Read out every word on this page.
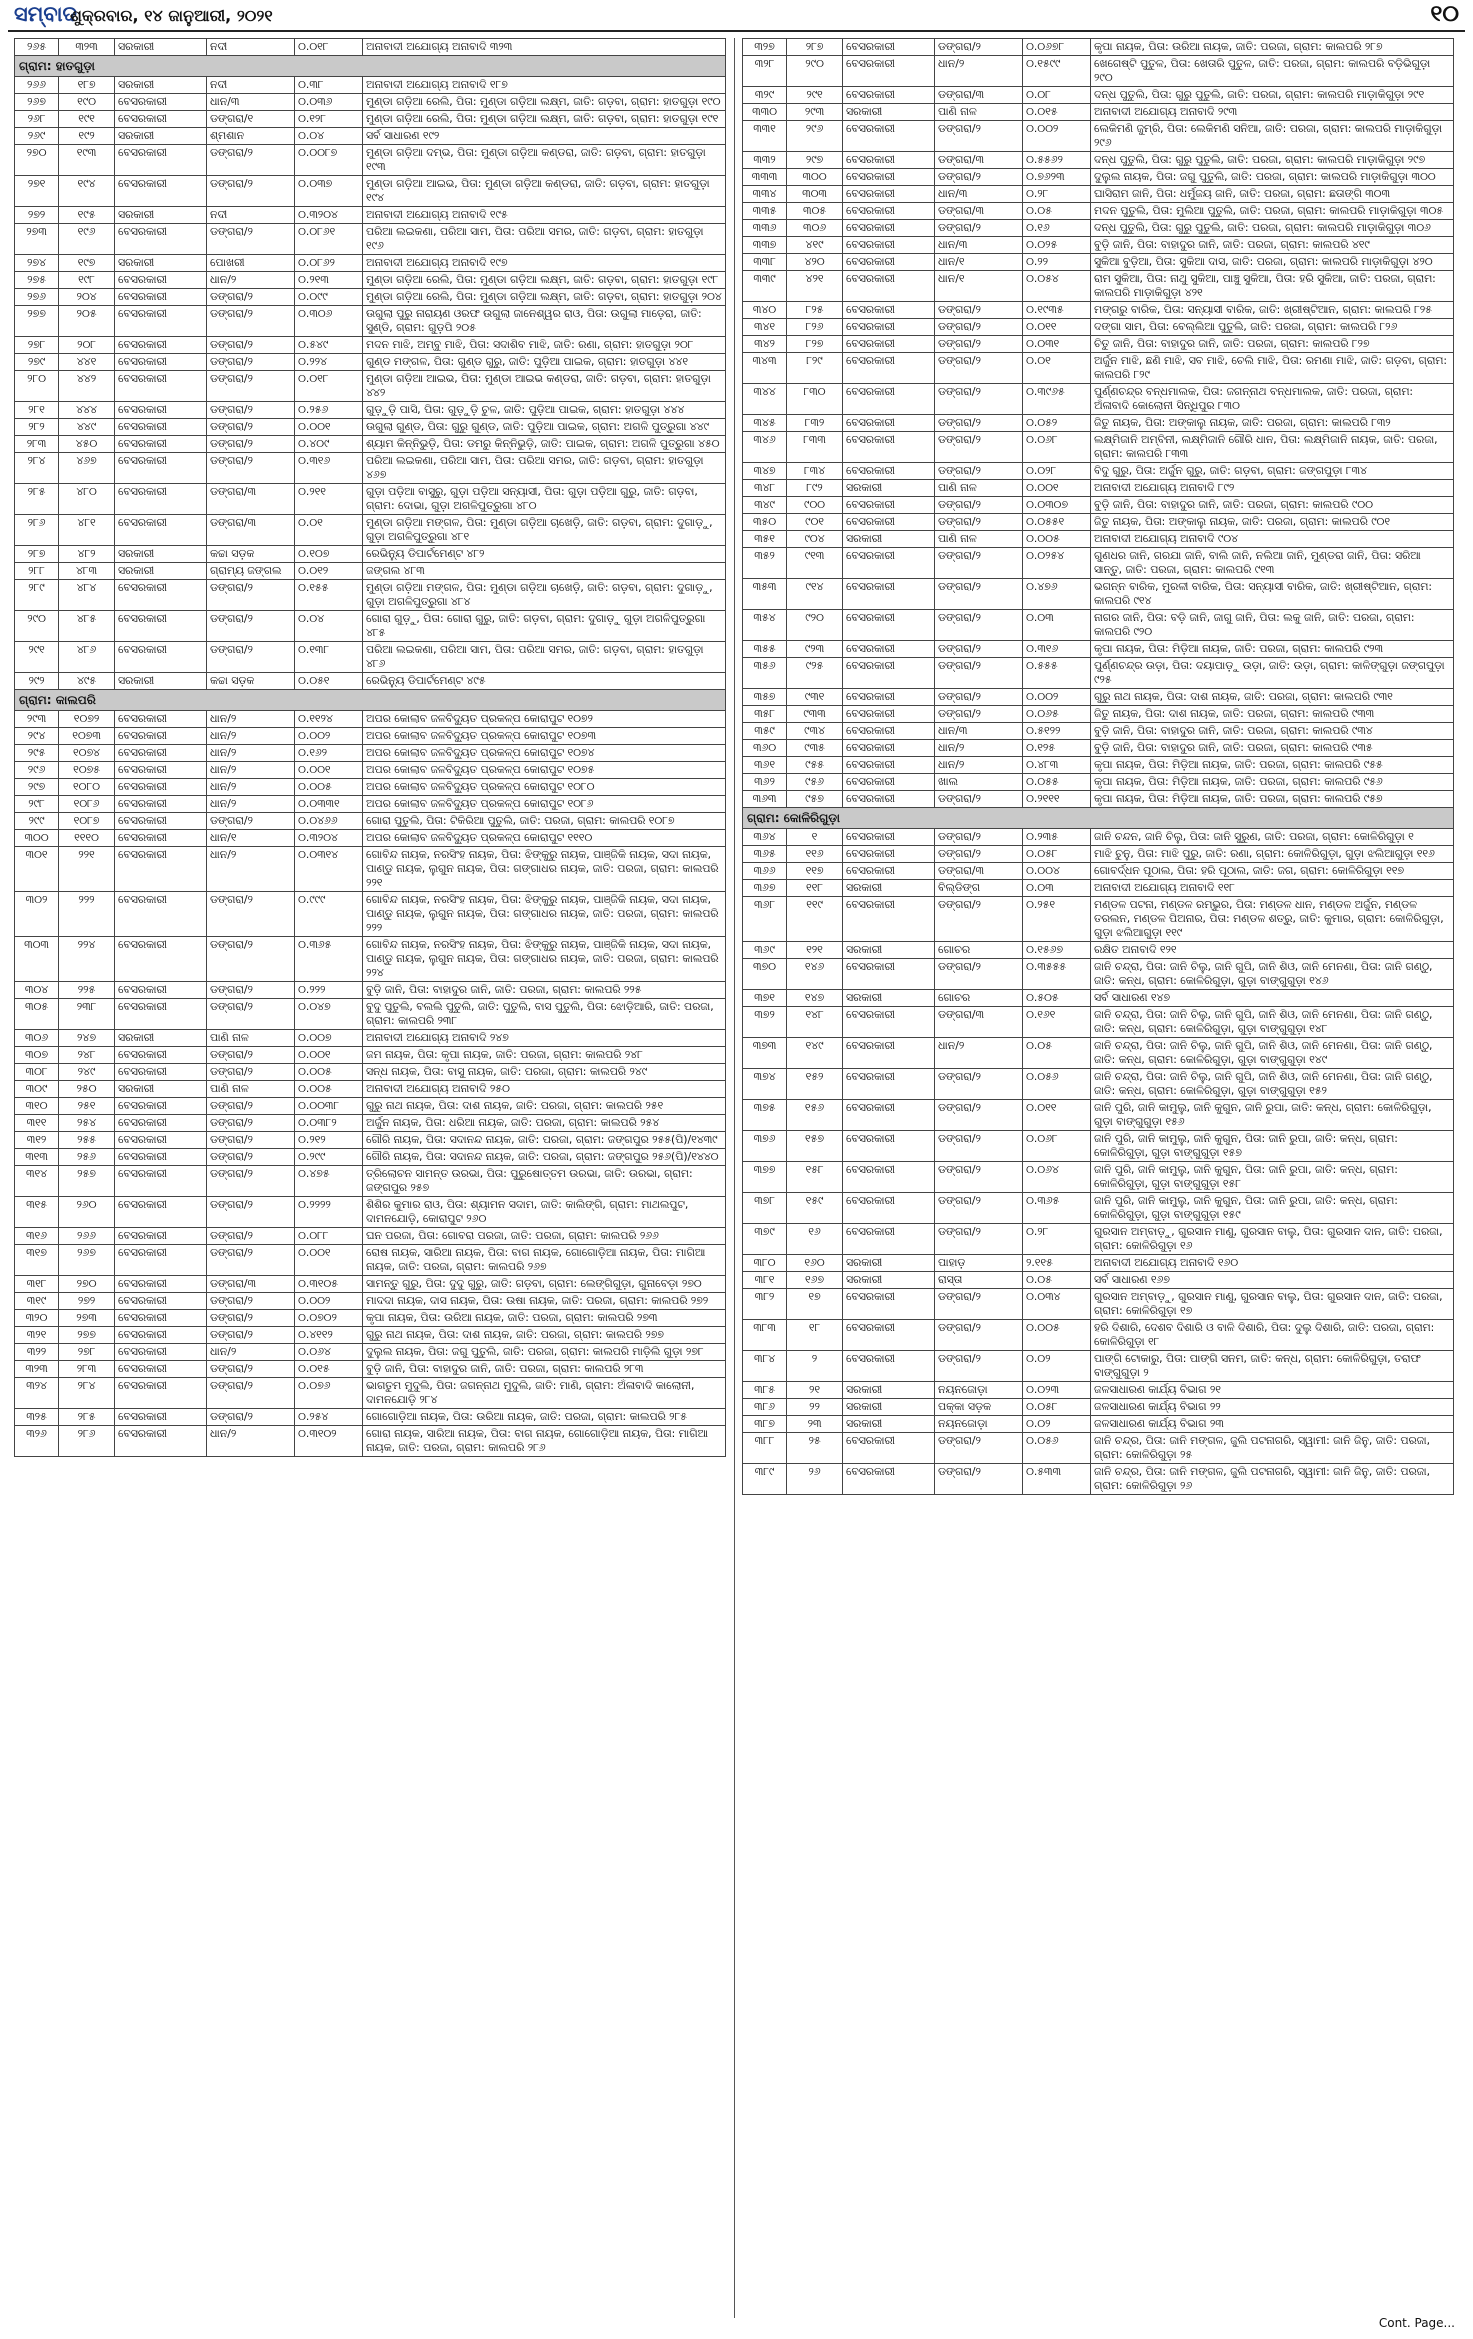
ସମ୍ବାଦ
ଶୁକ୍ରବାର, ୧୪ ଜାନୁଆରୀ, ୨୦୨୧	୧୦
୨୬୫	୩୨୩	ସରକାରୀ	ନଦୀ	୦.୦୧୮	ଅନାବାଦୀ ଅଯୋଗ୍ୟ ଅନାବାଦି ୩୨୩
ଗ୍ରାମ: ହାତଗୁଡ଼ା					
୨୬୬	୧୮୭	ସରକାରୀ	ନଦୀ	୦.୩୮	ଅନାବାଦୀ ଅଯୋଗ୍ୟ ଅନାବାଦି ୧୮୭
୨୬୭	୧୯୦	ବେସରକାରୀ	ଧାନ/୩	୦.୦୩୬	ମୁଣ୍ଡା ଗଡ଼ିଆ ରେଲି, ପିତା: ମୁଣ୍ଡା ଗଡ଼ିଆ ଲକ୍ଷ୍ମ, ଜାତି: ଗଡ଼ବା, ଗ୍ରାମ: ହାତଗୁଡ଼ା ୧୯୦
୨୬୮	୧୯୧	ବେସରକାରୀ	ଡଙ୍ଗରା/୧	୦.୧୨୮	ମୁଣ୍ଡା ଗଡ଼ିଆ ରେଲି, ପିତା: ମୁଣ୍ଡା ଗଡ଼ିଆ ଲକ୍ଷ୍ମ, ଜାତି: ଗଡ଼ବା, ଗ୍ରାମ: ହାତଗୁଡ଼ା ୧୯୧
୨୬୯	୧୯୨	ସରକାରୀ	ଶ୍ମଶାନ	୦.୦୪	ସର୍ବ ସାଧାରଣ ୧୯୨
୨୭୦	୧୯୩	ବେସରକାରୀ	ଡଙ୍ଗରା/୨	୦.୦୦୮୭	ମୁଣ୍ଡା ଗଡ଼ିଆ ଦମ୍ଭ, ପିତା: ମୁଣ୍ଡା ଗଡ଼ିଆ କଣ୍ଡରା, ଜାତି: ଗଡ଼ବା, ଗ୍ରାମ: ହାତଗୁଡ଼ା ୧୯୩
୨୭୧	୧୯୪	ବେସରକାରୀ	ଡଙ୍ଗରା/୨	୦.୦୩୭	ମୁଣ୍ଡା ଗଡ଼ିଆ ଆଇଭ, ପିତା: ମୁଣ୍ଡା ଗଡ଼ିଆ କଣ୍ଡରା, ଜାତି: ଗଡ଼ବା, ଗ୍ରାମ: ହାତଗୁଡ଼ା ୧୯୪
୨୭୨	୧୯୫	ସରକାରୀ	ନଦୀ	୦.୩୨୦୪	ଅନାବାଦୀ ଅଯୋଗ୍ୟ ଅନାବାଦି ୧୯୫
୨୭୩	୧୯୬	ବେସରକାରୀ	ଡଙ୍ଗରା/୨	୦.୦୮୬୧	ପରିଆ ଲଇକଣା, ପରିଆ ସାମ, ପିତା: ପରିଆ ସମର, ଜାତି: ଗଡ଼ବା, ଗ୍ରାମ: ହାତଗୁଡ଼ା ୧୯୬
୨୭୪	୧୯୭	ସରକାରୀ	ପୋଖରୀ	୦.୦୮୬୨	ଅନାବାଦୀ ଅଯୋଗ୍ୟ ଅନାବାଦି ୧୯୭
୨୭୫	୧୯୮	ବେସରକାରୀ	ଧାନ/୨	୦.୨୧୩	ମୁଣ୍ଡା ଗଡ଼ିଆ ରେଲି, ପିତା: ମୁଣ୍ଡା ଗଡ଼ିଆ ଲକ୍ଷ୍ମ, ଜାତି: ଗଡ଼ବା, ଗ୍ରାମ: ହାତଗୁଡ଼ା ୧୯୮
୨୭୬	୨୦୪	ବେସରକାରୀ	ଡଙ୍ଗରା/୨	୦.୦୯୯	ମୁଣ୍ଡା ଗଡ଼ିଆ ରେଲି, ପିତା: ମୁଣ୍ଡା ଗଡ଼ିଆ ଲକ୍ଷ୍ମ, ଜାତି: ଗଡ଼ବା, ଗ୍ରାମ: ହାତଗୁଡ଼ା ୨୦୪
୨୭୭	୨୦୫	ବେସରକାରୀ	ଡଙ୍ଗରା/୨	୦.୩୦୬	ଉଗୁଲା ପୁରୁ ନାରାୟଣ ଓରଫ ଉଗୁଲା ଜାନେଶ୍ୱର ରାଓ, ପିତା: ଉଗୁଲା ମାଡ଼େରା, ଜାତି: ସୁଣ୍ଡି, ଗ୍ରାମ: ଗୁଡ଼ପି ୨୦୫
୨୭୮	୨୦୮	ବେସରକାରୀ	ଡଙ୍ଗରା/୨	୦.୫୪୯	ମଦନ ମାଝି, ଅମ୍ବୁ ମାଝି, ପିତା: ସଦାଶିବ ମାଝି, ଜାତି: ରଣା, ଗ୍ରାମ: ହାତଗୁଡ଼ା ୨୦୮
୨୭୯	୪୪୧	ବେସରକାରୀ	ଡଙ୍ଗରା/୨	୦.୨୨୪	ଗୁଣ୍ଡ ମଙ୍ଗଳ, ପିତା: ଗୁଣ୍ଡ ଗୁରୁ, ଜାତି: ପୁଡ଼ିଆ ପାଇକ, ଗ୍ରାମ: ହାତଗୁଡ଼ା ୪୪୧
୨୮୦	୪୪୨	ବେସରକାରୀ	ଡଙ୍ଗରା/୨	୦.୦୧୮	ମୁଣ୍ଡା ଗଡ଼ିଆ ଆଇଭ, ପିତା: ମୁଣ୍ଡା ଆଇଭ କଣ୍ଡରା, ଜାତି: ଗଡ଼ବା, ଗ୍ରାମ: ହାତଗୁଡ଼ା ୪୪୨
୨୮୧	୪୪୪	ବେସରକାରୀ	ଡଙ୍ଗରା/୨	୦.୨୫୬	ଗୁଡ଼ୁଡ଼ି ପାସି, ପିତା: ଗୁଡ଼ୁଡ଼ି ଚୁଳ, ଜାତି: ପୁଡ଼ିଆ ପାଇକ, ଗ୍ରାମ: ହାତଗୁଡ଼ା ୪୪୪
୨୮୨	୪୪୯	ବେସରକାରୀ	ଡଙ୍ଗରା/୨	୦.୦୦୧	ଉଗୁଲା ଗୁଣ୍ଡ, ପିତା: ଗୁରୁ ଗୁଣ୍ଡ, ଜାତି: ପୁଡ଼ିଆ ପାଇକ, ଗ୍ରାମ: ଅଗଳି ପୁତ୍ରୁଗା ୪୪୯
୨୮୩	୪୫୦	ବେସରକାରୀ	ଡଙ୍ଗରା/୨	୦.୪୦୯	ଶ୍ୟାମ କିନ୍ନିଭୁଡ଼ି, ପିତା: ଡମରୁ କିନ୍ନିଭୁଡ଼ି, ଜାତି: ପାଇକ, ଗ୍ରାମ: ଅଗଳି ପୁତ୍ରୁଗା ୪୫୦
୨୮୪	୪୬୭	ବେସରକାରୀ	ଡଙ୍ଗରା/୨	୦.୩୧୬	ପରିଆ ଲଇକଣା, ପରିଆ ସାମ, ପିତା: ପରିଆ ସମର, ଜାତି: ଗଡ଼ବା, ଗ୍ରାମ: ହାତଗୁଡ଼ା ୪୬୭
୨୮୫	୪୮୦	ବେସରକାରୀ	ଡଙ୍ଗରା/୩	୦.୨୧୧	ଗୁଡ଼ା ପଡ଼ିଆ ବାସୁରୁ, ଗୁଡ଼ା ପଡ଼ିଆ ସନ୍ୟାସୀ, ପିତା: ଗୁଡ଼ା ପଡ଼ିଆ ଗୁରୁ, ଜାତି: ଗଡ଼ବା, ଗ୍ରାମ: ଦୋଭା, ଗୁଡ଼ା ଅଗଳିପୁତ୍ରୁଗା ୪୮୦
୨୮୬	୪୮୧	ବେସରକାରୀ	ଡଙ୍ଗରା/୩	୦.୦୧	ମୁଣ୍ଡା ଗଡ଼ିଆ ମଙ୍ଗଳ, ପିତା: ମୁଣ୍ଡା ଗଡ଼ିଆ ଚାଖେଡ଼ି, ଜାତି: ଗଡ଼ବା, ଗ୍ରାମ: ଦୁଗାଡ଼ୁ, ଗୁଡ଼ା ଅଗଳିପୁତ୍ରୁଗା ୪୮୧
୨୮୭	୪୮୨	ସରକାରୀ	କଚ୍ଚା ସଡ଼କ	୦.୧୦୭	ରେଭିନ୍ୟୁ ଡିପାର୍ଟମେଣ୍ଟ ୪୮୨
୨୮୮	୪୮୩	ସରକାରୀ	ଗ୍ରାମ୍ୟ ଜଙ୍ଗଲ	୦.୦୧୨	ଜଙ୍ଗଲ ୪୮୩
୨୮୯	୪୮୪	ବେସରକାରୀ	ଡଙ୍ଗରା/୨	୦.୧୫୫	ମୁଣ୍ଡା ଗଡ଼ିଆ ମଙ୍ଗଳ, ପିତା: ମୁଣ୍ଡା ଗଡ଼ିଆ ଚାଖେଡ଼ି, ଜାତି: ଗଡ଼ବା, ଗ୍ରାମ: ଦୁଗାଡ଼ୁ, ଗୁଡ଼ା ଅଗଳିପୁତ୍ରୁଗା ୪୮୪
୨୯୦	୪୮୫	ବେସରକାରୀ	ଡଙ୍ଗରା/୨	୦.୦୪	ଗୋରା ଗୁଡ଼ୁ, ପିତା: ଗୋରା ଗୁରୁ, ଜାତି: ଗଡ଼ବା, ଗ୍ରାମ: ଦୁଗାଡ଼ୁ ଗୁଡ଼ା ଅଗଳିପୁତ୍ରୁଗା ୪୮୫
୨୯୧	୪୮୬	ବେସରକାରୀ	ଡଙ୍ଗରା/୨	୦.୧୩୮	ପରିଆ ଲଇକଣା, ପରିଆ ସାମ, ପିତା: ପରିଆ ସମର, ଜାତି: ଗଡ଼ବା, ଗ୍ରାମ: ହାତଗୁଡ଼ା ୪୮୬
୨୯୨	୪୯୫	ସରକାରୀ	କଚ୍ଚା ସଡ଼କ	୦.୦୫୧	ରେଭିନ୍ୟୁ ଡିପାର୍ଟମେଣ୍ଟ ୪୯୫
ଗ୍ରାମ: କାଲପରି					
୨୯୩	୧୦୭୨	ବେସରକାରୀ	ଧାନ/୨	୦.୧୧୨୪	ଅପର କୋଲାବ ଜଳବିଦ୍ୟୁତ ପ୍ରକଳ୍ପ କୋରାପୁଟ ୧୦୭୨
୨୯୪	୧୦୭୩	ବେସରକାରୀ	ଧାନ/୨	୦.୦୦୨	ଅପର କୋଲାବ ଜଳବିଦ୍ୟୁତ ପ୍ରକଳ୍ପ କୋରାପୁଟ ୧୦୭୩
୨୯୫	୧୦୭୪	ବେସରକାରୀ	ଧାନ/୨	୦.୧୬୨	ଅପର କୋଲାବ ଜଳବିଦ୍ୟୁତ ପ୍ରକଳ୍ପ କୋରାପୁଟ ୧୦୭୪
୨୯୬	୧୦୭୫	ବେସରକାରୀ	ଧାନ/୨	୦.୦୦୧	ଅପର କୋଲାବ ଜଳବିଦ୍ୟୁତ ପ୍ରକଳ୍ପ କୋରାପୁଟ ୧୦୭୫
୨୯୭	୧୦୮୦	ବେସରକାରୀ	ଧାନ/୨	୦.୦୦୫	ଅପର କୋଲାବ ଜଳବିଦ୍ୟୁତ ପ୍ରକଳ୍ପ କୋରାପୁଟ ୧୦୮୦
୨୯୮	୧୦୮୬	ବେସରକାରୀ	ଧାନ/୨	୦.୦୩୩୧	ଅପର କୋଲାବ ଜଳବିଦ୍ୟୁତ ପ୍ରକଳ୍ପ କୋରାପୁଟ ୧୦୮୬
୨୯୯	୧୦୮୭	ବେସରକାରୀ	ଡଙ୍ଗରା/୨	୦.୦୪୬୬	ଗୋରା ପୁତୁଲି, ପିତା: ଟିକିରିଆ ପୁତୁଲି, ଜାତି: ପରଜା, ଗ୍ରାମ: କାଲପରି ୧୦୮୭
୩୦୦	୧୧୧୦	ବେସରକାରୀ	ଧାନ/୧	୦.୩୨୦୪	ଅପର କୋଲାବ ଜଳବିଦ୍ୟୁତ ପ୍ରକଳ୍ପ କୋରାପୁଟ ୧୧୧୦
୩୦୧	୨୨୧	ବେସରକାରୀ	ଧାନ/୨	୦.୦୩୧୪	ଗୋବିନ୍ଦ ନାୟକ, ନରସିଂହ ନାୟକ, ପିତା: ଝିଙ୍କୁରୁ ନାୟକ, ପାଞ୍ଜିକି ନାୟକ, ସଦା ନାୟକ, ପାଣ୍ଡୁ ନାୟକ, ଲୁଗୁନ ନାୟକ, ପିତା: ଗଙ୍ଗାଧର ନାୟକ, ଜାତି: ପରଜା, ଗ୍ରାମ: କାଲପରି ୨୨୧
୩୦୨	୨୨୨	ବେସରକାରୀ	ଡଙ୍ଗରା/୨	୦.୯୯୯	ଗୋବିନ୍ଦ ନାୟକ, ନରସିଂହ ନାୟକ, ପିତା: ଝିଙ୍କୁରୁ ନାୟକ, ପାଞ୍ଜିକି ନାୟକ, ସଦା ନାୟକ, ପାଣ୍ଡୁ ନାୟକ, ଲୁଗୁନ ନାୟକ, ପିତା: ଗଙ୍ଗାଧର ନାୟକ, ଜାତି: ପରଜା, ଗ୍ରାମ: କାଲପରି ୨୨୨
୩୦୩	୨୨୪	ବେସରକାରୀ	ଡଙ୍ଗରା/୨	୦.୩୬୫	ଗୋବିନ୍ଦ ନାୟକ, ନରସିଂହ ନାୟକ, ପିତା: ଝିଙ୍କୁରୁ ନାୟକ, ପାଞ୍ଜିକି ନାୟକ, ସଦା ନାୟକ, ପାଣ୍ଡୁ ନାୟକ, ଲୁଗୁନ ନାୟକ, ପିତା: ଗଙ୍ଗାଧର ନାୟକ, ଜାତି: ପରଜା, ଗ୍ରାମ: କାଲପରି ୨୨୪
୩୦୪	୨୨୫	ବେସରକାରୀ	ଡଙ୍ଗରା/୨	୦.୨୨୨	ବୁଡ଼ି ଜାନି, ପିତା: ବାହାଦୁର ଜାନି, ଜାତି: ପରଜା, ଗ୍ରାମ: କାଲପରି ୨୨୫
୩୦୫	୨୩୮	ବେସରକାରୀ	ଡଙ୍ଗରା/୨	୦.୦୪୭	ବୁଦୁ ପୁତୁଲି, ବଲଲି ପୁତୁଲି, ଜାତି: ପୁତୁଲି, ବାସ ପୁତୁଲି, ପିତା: ଝୋଡ଼ିଆରି, ଜାତି: ପରଜା, ଗ୍ରାମ: କାଲପରି ୨୩୮
୩୦୬	୨୪୭	ସରକାରୀ	ପାଣି ନାଳ	୦.୦୦୭	ଅନାବାଦୀ ଅଯୋଗ୍ୟ ଅନାବାଦି ୨୪୭
୩୦୭	୨୪୮	ବେସରକାରୀ	ଡଙ୍ଗରା/୨	୦.୦୦୧	ଜମ ନାୟକ, ପିତା: କୃପା ନାୟକ, ଜାତି: ପରଜା, ଗ୍ରାମ: କାଲପରି ୨୪୮
୩୦୮	୨୪୯	ବେସରକାରୀ	ଡଙ୍ଗରା/୨	୦.୦୦୫	ସନ୍ଧ ନାୟକ, ପିତା: ବାସୁ ନାୟକ, ଜାତି: ପରଜା, ଗ୍ରାମ: କାଲପରି ୨୪୯
୩୦୯	୨୫୦	ସରକାରୀ	ପାଣି ନାଳ	୦.୦୦୫	ଅନାବାଦୀ ଅଯୋଗ୍ୟ ଅନାବାଦି ୨୫୦
୩୧୦	୨୫୧	ବେସରକାରୀ	ଡଙ୍ଗରା/୨	୦.୦୦୩୮	ଗୁରୁ ନାଥ ନାୟକ, ପିତା: ଦାଶ ନାୟକ, ଜାତି: ପରଜା, ଗ୍ରାମ: କାଲପରି ୨୫୧
୩୧୧	୨୫୪	ବେସରକାରୀ	ଡଙ୍ଗରା/୨	୦.୦୩୮୨	ଅର୍ଜୁନ ନାୟକ, ପିତା: ଧରିଆ ନାୟକ, ଜାତି: ପରଜା, ଗ୍ରାମ: କାଲପରି ୨୫୪
୩୧୨	୨୫୫	ବେସରକାରୀ	ଡଙ୍ଗରା/୨	୦.୨୧୨	ଗୌରି ନାୟକ, ପିତା: ସଦାନନ୍ଦ ନାୟକ, ଜାତି: ପରଜା, ଗ୍ରାମ: ଜଙ୍ଗପୁର ୨୫୫(ପି)/୧୪୩୯
୩୧୩	୨୫୬	ବେସରକାରୀ	ଡଙ୍ଗରା/୨	୦.୨୯୯	ଗୌରି ନାୟକ, ପିତା: ସଦାନନ୍ଦ ନାୟକ, ଜାତି: ପରଜା, ଗ୍ରାମ: ଜଙ୍ଗପୁର ୨୫୬(ପି)/୧୪୪୦
୩୧୪	୨୫୭	ବେସରକାରୀ	ଡଙ୍ଗରା/୨	୦.୪୭୫	ତ୍ରିଲୋଚନ ସାମନ୍ତ ଉରଭା, ପିତା: ପୁରୁଷୋତ୍ତମ ଉରଭା, ଜାତି: ଉରଭା, ଗ୍ରାମ: ଜଙ୍ଗପୁର ୨୫୭
୩୧୫	୨୬୦	ବେସରକାରୀ	ଡଙ୍ଗରା/୨	୦.୨୨୨୨	ଶିଶିର କୁମାର ରାଓ, ପିତା: ଶ୍ୟାମନ ସଦାମ, ଜାତି: କାଲିଙ୍ଗି, ଗ୍ରାମ: ମାଥଲପୁଟ, ଦାମନଯୋଡ଼ି, କୋରାପୁଟ ୨୬୦
୩୧୬	୨୬୬	ବେସରକାରୀ	ଡଙ୍ଗରା/୨	୦.୦୮୮	ଘନ ପରଜା, ପିତା: ଗୋବରା ପରଜା, ଜାତି: ପରଜା, ଗ୍ରାମ: କାଲପରି ୨୬୬
୩୧୭	୨୬୭	ବେସରକାରୀ	ଡଙ୍ଗରା/୨	୦.୦୦୧	ରୋଷ ନାୟକ, ସାରିଆ ନାୟକ, ପିତା: ବାଗ ନାୟକ, ଗୋଗୋଡ଼ିଆ ନାୟକ, ପିତା: ମାଗିଆ ନାୟକ, ଜାତି: ପରଜା, ଗ୍ରାମ: କାଲପରି ୨୬୭
୩୧୮	୨୭୦	ବେସରକାରୀ	ଡଙ୍ଗରା/୩	୦.୩୧୦୫	ସାମନ୍ତୁ ଗୁରୁ, ପିତା: ଦୁଦୁ ଗୁରୁ, ଜାତି: ଗଡ଼ବା, ଗ୍ରାମ: ଲେଙ୍ଗିଗୁଡ଼ା, ଗୁନାବେଡ଼ା ୨୭୦
୩୧୯	୨୭୨	ବେସରକାରୀ	ଡଙ୍ଗରା/୨	୦.୦୦୨	ମାଦଦା ନାୟକ, ଦାସ ନାୟକ, ପିତା: ଉଷା ନାୟକ, ଜାତି: ପରଜା, ଗ୍ରାମ: କାଲପରି ୨୭୨
୩୨୦	୨୭୩	ବେସରକାରୀ	ଡଙ୍ଗରା/୨	୦.୦୭୦୨	କୃପା ନାୟକ, ପିତା: ଉରିଆ ନାୟକ, ଜାତି: ପରଜା, ଗ୍ରାମ: କାଲପରି ୨୭୩
୩୨୧	୨୭୭	ବେସରକାରୀ	ଡଙ୍ଗରା/୨	୦.୪୧୧୨	ଗୁରୁ ନାଥ ନାୟକ, ପିତା: ଦାଶ ନାୟକ, ଜାତି: ପରଜା, ଗ୍ରାମ: କାଲପରି ୨୭୭
୩୨୨	୨୭୮	ବେସରକାରୀ	ଧାନ/୨	୦.୦୬୪	ଦୁଲୁଲ ନାୟକ, ପିତା: ଜଗୁ ପୁତୁଲି, ଜାତି: ପରଜା, ଗ୍ରାମ: କାଲପରି ମାଡ଼ିଲି ଗୁଡ଼ା ୨୭୮
୩୨୩	୨୮୩	ବେସରକାରୀ	ଡଙ୍ଗରା/୨	୦.୦୧୫	ବୁଡ଼ି ଜାନି, ପିତା: ବାହାଦୁର ଜାନି, ଜାତି: ପରଜା, ଗ୍ରାମ: କାଲପରି ୨୮୩
୩୨୪	୨୮୪	ବେସରକାରୀ	ଡଙ୍ଗରା/୨	୦.୦୭୬	ଭାଗତୁମ ମୁଦୁଲି, ପିତା: ଜଗନ୍ନାଥ ମୁଦୁଲି, ଜାତି: ମାଣି, ଗ୍ରାମ: ଅଁଳାବାଦି କାଲୋନୀ, ଦାମନଯୋଡ଼ି ୨୮୪
୩୨୫	୨୮୫	ବେସରକାରୀ	ଡଙ୍ଗରା/୨	୦.୨୫୪	ଗୋଗୋଡ଼ିଆ ନାୟକ, ପିତା: ଉରିଆ ନାୟକ, ଜାତି: ପରଜା, ଗ୍ରାମ: କାଲପରି ୨୮୫
୩୨୬	୨୮୬	ବେସରକାରୀ	ଧାନ/୨	୦.୩୧୦୨	ଗୋରା ନାୟକ, ସାରିଆ ନାୟକ, ପିତା: ବାଗ ନାୟକ, ଗୋଗୋଡ଼ିଆ ନାୟକ, ପିତା: ମାଗିଆ ନାୟକ, ଜାତି: ପରଜା, ଗ୍ରାମ: କାଲପରି ୨୮୬
୩୨୭	୨୮୭	ବେସରକାରୀ	ଡଙ୍ଗରା/୨	୦.୦୬୭୮	କୃପା ନାୟକ, ପିତା: ଉରିଆ ନାୟକ, ଜାତି: ପରଜା, ଗ୍ରାମ: କାଲପରି ୨୮୭
୩୨୮	୨୯୦	ବେସରକାରୀ	ଧାନ/୨	୦.୧୫୯୯	ଖେଗେଷ୍ଟି ପୁତୁଳ, ପିତା: ଖେତାରି ପୁତୁଳ, ଜାତି: ପରଜା, ଗ୍ରାମ: କାଲପରି ବଡ଼ିଭିଗୁଡ଼ା ୨୯୦
୩୨୯	୨୯୧	ବେସରକାରୀ	ଡଙ୍ଗରା/୩	୦.୦୮	ଦନ୍ଧ ପୁତୁଲି, ପିତା: ଗୁରୁ ପୁତୁଲି, ଜାତି: ପରଜା, ଗ୍ରାମ: କାଲପରି ମାଡ଼ାକିଗୁଡ଼ା ୨୯୧
୩୩୦	୨୯୩	ସରକାରୀ	ପାଣି ନାଳ	୦.୦୧୫	ଅନାବାଦୀ ଅଯୋଗ୍ୟ ଅନାବାଦି ୨୯୩
୩୩୧	୨୯୬	ବେସରକାରୀ	ଡଙ୍ଗରା/୨	୦.୦୦୨	ଲେକିମଣି ଜୁମ୍ରି, ପିତା: ଲେକିମଣି ସନିଆ, ଜାତି: ପରଜା, ଗ୍ରାମ: କାଲପରି ମାଡ଼ାକିଗୁଡ଼ା ୨୯୬
୩୩୨	୨୯୭	ବେସରକାରୀ	ଡଙ୍ଗରା/୩	୦.୫୫୬୨	ଦନ୍ଧ ପୁତୁଲି, ପିତା: ଗୁରୁ ପୁତୁଲି, ଜାତି: ପରଜା, ଗ୍ରାମ: କାଲପରି ମାଡ଼ାକିଗୁଡ଼ା ୨୯୭
୩୩୩	୩୦୦	ବେସରକାରୀ	ଡଙ୍ଗରା/୨	୦.୭୬୨୩	ଦୁଲୁଲ ନାୟକ, ପିତା: ଜଗୁ ପୁତୁଲି, ଜାତି: ପରଜା, ଗ୍ରାମ: କାଲପରି ମାଡ଼ାକିଗୁଡ଼ା ୩୦୦
୩୩୪	୩୦୩	ବେସରକାରୀ	ଧାନ/୩	୦.୨୮	ଘାସିରାମ ଜାନି, ପିତା: ଧର୍ମୁଜୟ ଜାନି, ଜାତି: ପରଜା, ଗ୍ରାମ: ଛତାଙ୍ଗି ୩୦୩
୩୩୫	୩୦୫	ବେସରକାରୀ	ଡଙ୍ଗରା/୩	୦.୦୫	ମଦନ ପୁତୁଲି, ପିତା: ମୁଲିଆ ପୁତୁଲି, ଜାତି: ପରଜା, ଗ୍ରାମ: କାଲପରି ମାଡ଼ାକିଗୁଡ଼ା ୩୦୫
୩୩୬	୩୦୬	ବେସରକାରୀ	ଡଙ୍ଗରା/୨	୦.୧୬	ଦନ୍ଧ ପୁତୁଲି, ପିତା: ଗୁରୁ ପୁତୁଲି, ଜାତି: ପରଜା, ଗ୍ରାମ: କାଲପରି ମାଡ଼ାକିଗୁଡ଼ା ୩୦୬
୩୩୭	୪୧୯	ବେସରକାରୀ	ଧାନ/୩	୦.୦୨୫	ବୁଡ଼ି ଜାନି, ପିତା: ବାହାଦୁର ଜାନି, ଜାତି: ପରଜା, ଗ୍ରାମ: କାଲପରି ୪୧୯
୩୩୮	୪୨୦	ବେସରକାରୀ	ଧାନ/୧	୦.୨୨	ସୁକିଆ ବୁଡ଼ିଆ, ପିତା: ସୁକିଆ ଦାସ, ଜାତି: ପରଜା, ଗ୍ରାମ: କାଲପରି ମାଡ଼ାକିଗୁଡ଼ା ୪୨୦
୩୩୯	୪୨୧	ବେସରକାରୀ	ଧାନ/୧	୦.୦୫୪	ରାମ ସୁକିଆ, ପିତା: ନାଥୁ ସୁକିଆ, ପାଞ୍ଚୁ ସୁକିଆ, ପିତା: ହରି ସୁକିଆ, ଜାତି: ପରଜା, ଗ୍ରାମ: କାଲପରି ମାଡ଼ାକିଗୁଡ଼ା ୪୨୧
୩୪୦	୮୨୫	ବେସରକାରୀ	ଡଙ୍ଗରା/୨	୦.୧୯୩୫	ମଙ୍ଗରୁ ବାରିକ, ପିତା: ସନ୍ୟାସୀ ବାରିକ, ଜାତି: ଖ୍ରୀଷ୍ଟିଆନ, ଗ୍ରାମ: କାଲପରି ୮୨୫
୩୪୧	୮୨୬	ବେସରକାରୀ	ଡଙ୍ଗରା/୨	୦.୦୧୧	ଦଙ୍ଗା ସାମ, ପିତା: ବେଲ୍ଲିଆ ପୁତୁଲି, ଜାତି: ପରଜା, ଗ୍ରାମ: କାଲପରି ୮୨୬
୩୪୨	୮୨୭	ବେସରକାରୀ	ଡଙ୍ଗରା/୨	୦.୦୩୧	ଚିତୁ ଜାନି, ପିତା: ବାହାଦୁର ଜାନି, ଜାତି: ପରଜା, ଗ୍ରାମ: କାଲପରି ୮୨୭
୩୪୩	୮୨୯	ବେସରକାରୀ	ଡଙ୍ଗରା/୨	୦.୦୧	ଅର୍ଜୁନ ମାଝି, ଛଣି ମାଝି, ସବ ମାଝି, ଚେଲି ମାଝି, ପିତା: ରମଣା ମାଝି, ଜାତି: ଗଡ଼ବା, ଗ୍ରାମ: କାଲପରି ୮୨୯
୩୪୪	୮୩୦	ବେସରକାରୀ	ଡଙ୍ଗରା/୨	୦.୩୯୬୫	ପୁର୍ଣ୍ଣଚନ୍ଦ୍ର ବନ୍ଧମାଲକ, ପିତା: ଜଗନ୍ନାଥ ବନ୍ଧମାଲକ, ଜାତି: ପରଜା, ଗ୍ରାମ: ଅଁଳାବାଦି କୋଲୋନୀ ସିନ୍ଧିପୁର ୮୩୦
୩୪୫	୮୩୨	ବେସରକାରୀ	ଡଙ୍ଗରା/୨	୦.୦୫୨	ଜିତୁ ନାୟକ, ପିତା: ଅଙ୍କାଲୁ ନାୟକ, ଜାତି: ପରଜା, ଗ୍ରାମ: କାଲପରି ୮୩୨
୩୪୬	୮୩୩	ବେସରକାରୀ	ଡଙ୍ଗରା/୨	୦.୦୬୮	ଲକ୍ଷ୍ମିଜାନି ଅମ୍ବିନୀ, ଲକ୍ଷ୍ମିଜାନି ଗୌରି ଧାନ, ପିତା: ଲକ୍ଷ୍ମିଜାନି ନାୟକ, ଜାତି: ପରଜା, ଗ୍ରାମ: କାଲପରି ୮୩୩
୩୪୭	୮୩୪	ବେସରକାରୀ	ଡଙ୍ଗରା/୨	୦.୦୨୮	ବିଦୁ ଗୁରୁ, ପିତା: ଅର୍ଜୁନ ଗୁରୁ, ଜାତି: ଗଡ଼ବା, ଗ୍ରାମ: ଜଙ୍ଗପୁଡ଼ା ୮୩୪
୩୪୮	୮୯୨	ସରକାରୀ	ପାଣି ନାଳ	୦.୦୦୧	ଅନାବାଦୀ ଅଯୋଗ୍ୟ ଅନାବାଦି ୮୯୨
୩୪୯	୯୦୦	ବେସରକାରୀ	ଡଙ୍ଗରା/୨	୦.୦୩୦୭	ବୁଡ଼ି ଜାନି, ପିତା: ବାହାଦୁର ଜାନି, ଜାତି: ପରଜା, ଗ୍ରାମ: କାଲପରି ୯୦୦
୩୫୦	୯୦୧	ବେସରକାରୀ	ଡଙ୍ଗରା/୨	୦.୦୫୫୧	ଜିତୁ ନାୟକ, ପିତା: ଅଙ୍କାଲୁ ନାୟକ, ଜାତି: ପରଜା, ଗ୍ରାମ: କାଲପରି ୯୦୧
୩୫୧	୯୦୪	ସରକାରୀ	ପାଣି ନାଳ	୦.୦୦୫	ଅନାବାଦୀ ଅଯୋଗ୍ୟ ଅନାବାଦି ୯୦୪
୩୫୨	୯୧୩	ବେସରକାରୀ	ଡଙ୍ଗରା/୨	୦.୦୨୫୪	ଗୁଣଧର ଜାନି, ଗରଯା ଜାନି, ବାଲି ଜାନି, ନଲିଆ ଜାନି, ମୁଣ୍ଡରା ଜାନି, ପିତା: ସରିଆ ସାନ୍ତୁ, ଜାତି: ପରଜା, ଗ୍ରାମ: କାଲପରି ୯୧୩
୩୫୩	୯୧୪	ବେସରକାରୀ	ଡଙ୍ଗରା/୨	୦.୪୭୬	ଭଗନ୍ନ ବାରିକ, ମୁରଳୀ ବାରିକ, ପିତା: ସନ୍ୟାସୀ ବାରିକ, ଜାତି: ଖ୍ରୀଷ୍ଟିଆନ, ଗ୍ରାମ: କାଲପରି ୯୧୪
୩୫୪	୯୨୦	ବେସରକାରୀ	ଡଙ୍ଗରା/୨	୦.୦୩	ନାଗର ଜାନି, ପିତା: ବଡ଼ି ଜାନି, ଜାଗୁ ଜାନି, ପିତା: ଲକୁ ଜାନି, ଜାତି: ପରଜା, ଗ୍ରାମ: କାଲପରି ୯୨୦
୩୫୫	୯୨୩	ବେସରକାରୀ	ଡଙ୍ଗରା/୨	୦.୩୧୬	କୃପା ନାୟକ, ପିତା: ମିଡ଼ିଆ ନାୟକ, ଜାତି: ପରଜା, ଗ୍ରାମ: କାଲପରି ୯୨୩
୩୫୬	୯୨୫	ବେସରକାରୀ	ଡଙ୍ଗରା/୨	୦.୫୫୫	ପୁର୍ଣ୍ଣଚନ୍ଦ୍ର ଉଡ଼ା, ପିତା: ଦୟାପାଡ଼ୁ ଉଡ଼ା, ଜାତି: ଉଡ଼ା, ଗ୍ରାମ: କାଳିଙ୍ଗୁଡ଼ା ଜଙ୍ଗପୁଡ଼ା ୯୨୫
୩୫୭	୯୩୧	ବେସରକାରୀ	ଡଙ୍ଗରା/୨	୦.୦୦୨	ଗୁରୁ ନାଥ ନାୟକ, ପିତା: ଦାଶ ନାୟକ, ଜାତି: ପରଜା, ଗ୍ରାମ: କାଲପରି ୯୩୧
୩୫୮	୯୩୩	ବେସରକାରୀ	ଡଙ୍ଗରା/୨	୦.୦୬୫	ଜିତୁ ନାୟକ, ପିତା: ଦାଶ ନାୟକ, ଜାତି: ପରଜା, ଗ୍ରାମ: କାଲପରି ୯୩୩
୩୫୯	୯୩୪	ବେସରକାରୀ	ଧାନ/୩	୦.୫୧୨୨	ବୁଡ଼ି ଜାନି, ପିତା: ବାହାଦୁର ଜାନି, ଜାତି: ପରଜା, ଗ୍ରାମ: କାଲପରି ୯୩୪
୩୬୦	୯୩୫	ବେସରକାରୀ	ଧାନ/୨	୦.୧୨୫	ବୁଡ଼ି ଜାନି, ପିତା: ବାହାଦୁର ଜାନି, ଜାତି: ପରଜା, ଗ୍ରାମ: କାଲପରି ୯୩୫
୩୬୧	୯୫୫	ବେସରକାରୀ	ଧାନ/୨	୦.୪୮୩	କୃପା ନାୟକ, ପିତା: ମିଡ଼ିଆ ନାୟକ, ଜାତି: ପରଜା, ଗ୍ରାମ: କାଲପରି ୯୫୫
୩୬୨	୯୫୬	ବେସରକାରୀ	ଖାଲ	୦.୦୫୫	କୃପା ନାୟକ, ପିତା: ମିଡ଼ିଆ ନାୟକ, ଜାତି: ପରଜା, ଗ୍ରାମ: କାଲପରି ୯୫୬
୩୬୩	୯୫୭	ବେସରକାରୀ	ଡଙ୍ଗରା/୨	୦.୨୧୧୧	କୃପା ନାୟକ, ପିତା: ମିଡ଼ିଆ ନାୟକ, ଜାତି: ପରଜା, ଗ୍ରାମ: କାଲପରି ୯୫୭
ଗ୍ରାମ: କୋଳିରିଗୁଡ଼ା					
୩୬୪	୧	ବେସରକାରୀ	ଡଙ୍ଗରା/୨	୦.୨୩୫	ଜାନି ଚନ୍ଦନ, ଜାନି ଚିଲୁ, ପିତା: ଜାନି ସୁରୁଣ, ଜାତି: ପରଜା, ଗ୍ରାମ: କୋଳିରିଗୁଡ଼ା ୧
୩୬୫	୧୧୬	ବେସରକାରୀ	ଡଙ୍ଗରା/୨	୦.୦୫୮	ମାଝି ଚୁନୁ, ପିତା: ମାଝି ପୁରୁ, ଜାତି: ରଣା, ଗ୍ରାମ: କୋଳିରିଗୁଡ଼ା, ଗୁଡ଼ା ଝଲିଆଗୁଡ଼ା ୧୧୬
୩୬୬	୧୧୭	ବେସରକାରୀ	ଡଙ୍ଗରା/୩	୦.୦୦୪	ଗୋବର୍ଦ୍ଧନ ପୂଠାଲ, ପିତା: ହରି ପୂଠାଲ, ଜାତି: ଜଗ, ଗ୍ରାମ: କୋଳିରିଗୁଡ଼ା ୧୧୭
୩୬୭	୧୧୮	ସରକାରୀ	ବିଲ୍ଡିଙ୍ଗ	୦.୦୩	ଅନାବାଦୀ ଅଯୋଗ୍ୟ ଅନାବାଦି ୧୧୮
୩୬୮	୧୧୯	ବେସରକାରୀ	ଡଙ୍ଗରା/୨	୦.୨୫୧	ମଣ୍ଡଳ ପଟନା, ମଣ୍ଡଳ ରମ୍ଭୁର, ପିତା: ମଣ୍ଡଳ ଧାନ, ମଣ୍ଡଳ ଅର୍ଜୁନ, ମଣ୍ଡଳ ତରଲନ, ମଣ୍ଡଳ ପିଅନାର, ପିତା: ମଣ୍ଡଳ ଶତ୍ରୁ, ଜାତି: କୁମାର, ଗ୍ରାମ: କୋଳିରିଗୁଡ଼ା, ଗୁଡ଼ା ଝଲିଆଗୁଡ଼ା ୧୧୯
୩୬୯	୧୨୧	ସରକାରୀ	ଗୋଚର	୦.୧୫୬୭	ରକ୍ଷିତ ଅନାବାଦି ୧୨୧
୩୭୦	୧୪୬	ବେସରକାରୀ	ଡଙ୍ଗରା/୨	୦.୩୫୫୫	ଜାନି ଚନ୍ଦ୍ରା, ପିତା: ଜାନି ଚିଲୁ, ଜାନି ଗୁପି, ଜାନି ଶିଓ, ଜାନି ମେନଣା, ପିତା: ଜାନି ଗଣ୍ଠୁ, ଜାତି: କନ୍ଧ, ଗ୍ରାମ: କୋଳିରିଗୁଡ଼ା, ଗୁଡ଼ା ବାଙ୍ଗୁଗୁଡ଼ା ୧୪୬
୩୭୧	୧୪୭	ସରକାରୀ	ଗୋଚର	୦.୫୦୫	ସର୍ବ ସାଧାରଣ ୧୪୭
୩୭୨	୧୪୮	ବେସରକାରୀ	ଡଙ୍ଗରା/୩	୦.୧୬୧	ଜାନି ଚନ୍ଦ୍ରା, ପିତା: ଜାନି ଚିଲୁ, ଜାନି ଗୁପି, ଜାନି ଶିଓ, ଜାନି ମେନଣା, ପିତା: ଜାନି ଗଣ୍ଠୁ, ଜାତି: କନ୍ଧ, ଗ୍ରାମ: କୋଳିରିଗୁଡ଼ା, ଗୁଡ଼ା ବାଙ୍ଗୁଗୁଡ଼ା ୧୪୮
୩୭୩	୧୪୯	ବେସରକାରୀ	ଧାନ/୨	୦.୦୫	ଜାନି ଚନ୍ଦ୍ରା, ପିତା: ଜାନି ଚିଲୁ, ଜାନି ଗୁପି, ଜାନି ଶିଓ, ଜାନି ମେନଣା, ପିତା: ଜାନି ଗଣ୍ଠୁ, ଜାତି: କନ୍ଧ, ଗ୍ରାମ: କୋଳିରିଗୁଡ଼ା, ଗୁଡ଼ା ବାଙ୍ଗୁଗୁଡ଼ା ୧୪୯
୩୭୪	୧୫୨	ବେସରକାରୀ	ଡଙ୍ଗରା/୨	୦.୦୫୬	ଜାନି ଚନ୍ଦ୍ରା, ପିତା: ଜାନି ଚିଲୁ, ଜାନି ଗୁପି, ଜାନି ଶିଓ, ଜାନି ମେନଣା, ପିତା: ଜାନି ଗଣ୍ଠୁ, ଜାତି: କନ୍ଧ, ଗ୍ରାମ: କୋଳିରିଗୁଡ଼ା, ଗୁଡ଼ା ବାଙ୍ଗୁଗୁଡ଼ା ୧୫୨
୩୭୫	୧୫୬	ବେସରକାରୀ	ଡଙ୍ଗରା/୨	୦.୦୧୧	ଜାନି ପୁରି, ଜାନି କାମୁଲୁ, ଜାନି କୁଗୁନ, ଜାନି ରୁପା, ଜାତି: କନ୍ଧ, ଗ୍ରାମ: କୋଳିରିଗୁଡ଼ା, ଗୁଡ଼ା ବାଙ୍ଗୁଗୁଡ଼ା ୧୫୬
୩୭୬	୧୫୭	ବେସରକାରୀ	ଡଙ୍ଗରା/୨	୦.୦୬୮	ଜାନି ପୁରି, ଜାନି କାମୁଲୁ, ଜାନି କୁଗୁନ, ପିତା: ଜାନି ରୁପା, ଜାତି: କନ୍ଧ, ଗ୍ରାମ: କୋଳିରିଗୁଡ଼ା, ଗୁଡ଼ା ବାଙ୍ଗୁଗୁଡ଼ା ୧୫୭
୩୭୭	୧୫୮	ବେସରକାରୀ	ଡଙ୍ଗରା/୨	୦.୦୬୪	ଜାନି ପୁରି, ଜାନି କାମୁଲୁ, ଜାନି କୁଗୁନ, ପିତା: ଜାନି ରୁପା, ଜାତି: କନ୍ଧ, ଗ୍ରାମ: କୋଳିରିଗୁଡ଼ା, ଗୁଡ଼ା ବାଙ୍ଗୁଗୁଡ଼ା ୧୫୮
୩୭୮	୧୫୯	ବେସରକାରୀ	ଡଙ୍ଗରା/୨	୦.୩୬୫	ଜାନି ପୁରି, ଜାନି କାମୁଲୁ, ଜାନି କୁଗୁନ, ପିତା: ଜାନି ରୁପା, ଜାତି: କନ୍ଧ, ଗ୍ରାମ: କୋଳିରିଗୁଡ଼ା, ଗୁଡ଼ା ବାଙ୍ଗୁଗୁଡ଼ା ୧୫୯
୩୭୯	୧୬	ବେସରକାରୀ	ଡଙ୍ଗରା/୨	୦.୨୮	ଗୁରସାନ ଅମ୍ବାଡ଼ୁ, ଗୁରସାନ ମାଣୁ, ଗୁରସାନ ବାଲୁ, ପିତା: ଗୁରସାନ ଦାନ, ଜାତି: ପରଜା, ଗ୍ରାମ: କୋଳିରିଗୁଡ଼ା ୧୬
୩୮୦	୧୬୦	ସରକାରୀ	ପାହାଡ଼	୨.୧୧୫	ଅନାବାଦୀ ଅଯୋଗ୍ୟ ଅନାବାଦି ୧୬୦
୩୮୧	୧୬୭	ସରକାରୀ	ରାସ୍ତା	୦.୦୫	ସର୍ବ ସାଧାରଣ ୧୬୭
୩୮୨	୧୭	ବେସରକାରୀ	ଡଙ୍ଗରା/୨	୦.୦୩୪	ଗୁରସାନ ଅମ୍ବାଡ଼ୁ, ଗୁରସାନ ମାଣୁ, ଗୁରସାନ ବାଲୁ, ପିତା: ଗୁରସାନ ଦାନ, ଜାତି: ପରଜା, ଗ୍ରାମ: କୋଳିରିଗୁଡ଼ା ୧୭
୩୮୩	୧୮	ବେସରକାରୀ	ଡଙ୍ଗରା/୨	୦.୦୦୫	ହରି ଦିଶାରି, ଦେଶବ ଦିଶାରି ଓ ବାଳି ଦିଶାରି, ପିତା: ଦୁଲୁ ଦିଶାରି, ଜାତି: ପରଜା, ଗ୍ରାମ: କୋଳିରିଗୁଡ଼ା ୧୮
୩୮୪	୨	ବେସରକାରୀ	ଡଙ୍ଗରା/୨	୦.୦୨	ପାଙ୍ଗି ଟୋକାରୁ, ପିତା: ପାଙ୍ଗି ସନମ, ଜାତି: କନ୍ଧ, ଗ୍ରାମ: କୋଳିରିଗୁଡ଼ା, ତରାଫ ବାଙ୍ଗୁଗୁଡ଼ା ୨
୩୮୫	୨୧	ସରକାରୀ	ନୟନଜୋଡ଼ା	୦.୦୨୩	ଜଳସାଧାରଣ କାର୍ଯ୍ୟ ବିଭାଗ ୨୧
୩୮୬	୨୨	ସରକାରୀ	ପକ୍କା ସଡ଼କ	୦.୦୫୮	ଜଳସାଧାରଣ କାର୍ଯ୍ୟ ବିଭାଗ ୨୨
୩୮୭	୨୩	ସରକାରୀ	ନୟନଜୋଡ଼ା	୦.୦୨	ଜଳସାଧାରଣ କାର୍ଯ୍ୟ ବିଭାଗ ୨୩
୩୮୮	୨୫	ବେସରକାରୀ	ଡଙ୍ଗରା/୨	୦.୦୫୬	ଜାନି ଚନ୍ଦ୍ର, ପିତା: ଜାନି ମଙ୍ଗଳ, ଜୁଲି ପଟନାଗରି, ସ୍ୱାମୀ: ଜାନି ଜିନୁ, ଜାତି: ପରଜା, ଗ୍ରାମ: କୋଳିରିଗୁଡ଼ା ୨୫
୩୮୯	୨୬	ବେସରକାରୀ	ଡଙ୍ଗରା/୨	୦.୫୩୩	ଜାନି ଚନ୍ଦ୍ର, ପିତା: ଜାନି ମଙ୍ଗଳ, ଜୁଲି ପଟନାଗରି, ସ୍ୱାମୀ: ଜାନି ଜିନୁ, ଜାତି: ପରଜା, ଗ୍ରାମ: କୋଳିରିଗୁଡ଼ା ୨୬
Cont. Page...
